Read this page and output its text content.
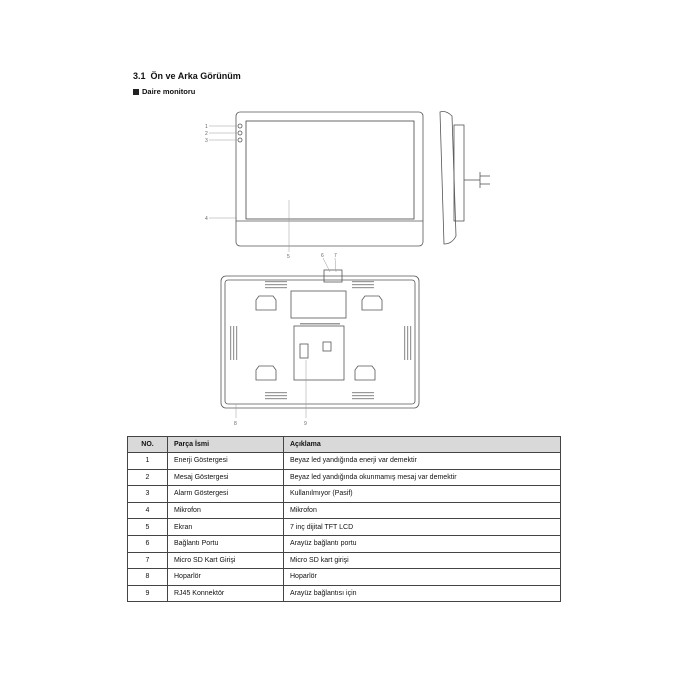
3.1 Ön ve Arka Görünüm
Daire monitoru
1
2
3
4
5	6 7
8	9
NO.	Parça İsmi	Açıklama
1	Enerji Göstergesi	Beyaz led yandığında enerji var demektir
2	Mesaj Göstergesi	Beyaz led yandığında okunmamış mesaj var demektir
3	Alarm Göstergesi	Kullanılmıyor (Pasif)
4	Mikrofon	Mikrofon
5	Ekran	7 inç dijital TFT LCD
6	Bağlantı Portu	Arayüz bağlantı portu
7	Micro SD Kart Girişi	Micro SD kart girişi
8	Hoparlör	Hoparlör
9	RJ45 Konnektör	Arayüz bağlantısı için
